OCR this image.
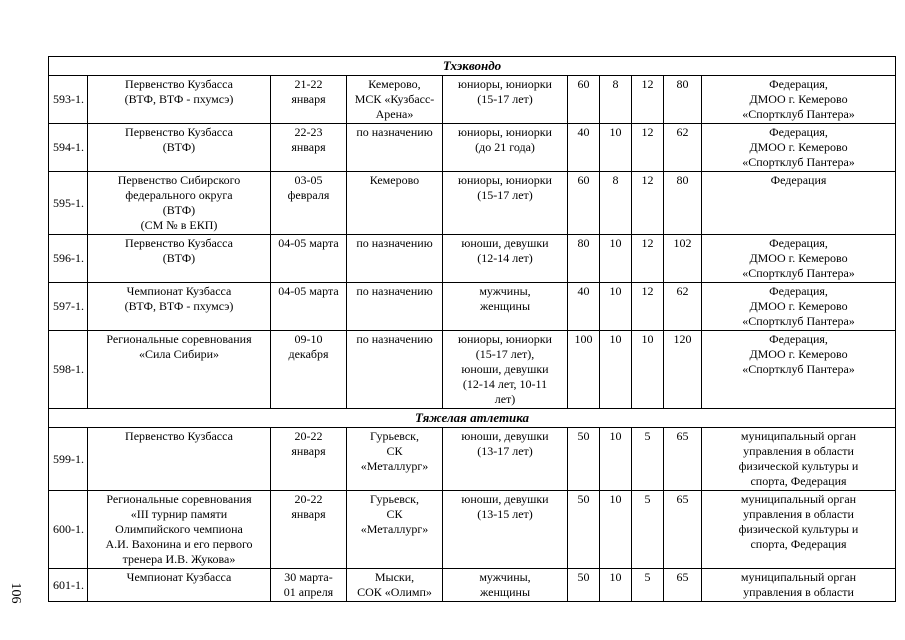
Тхэквондо									
593-1.	Первенство Кузбасса
(ВТФ, ВТФ - пхумсэ)	21-22
января	Кемерово,
МСК «Кузбасс-
Арена»	юниоры, юниорки
(15-17 лет)	60	8	12	80	Федерация,
ДМОО г. Кемерово
«Спортклуб Пантера»
594-1.	Первенство Кузбасса
(ВТФ)	22-23
января	по назначению	юниоры, юниорки
(до 21 года)	40	10	12	62	Федерация,
ДМОО г. Кемерово
«Спортклуб Пантера»
595-1.	Первенство Сибирского
федерального округа
(ВТФ)
(СМ № в ЕКП)	03-05
февраля	Кемерово	юниоры, юниорки
(15-17 лет)	60	8	12	80	Федерация
596-1.	Первенство Кузбасса
(ВТФ)	04-05 марта	по назначению	юноши, девушки
(12-14 лет)	80	10	12	102	Федерация,
ДМОО г. Кемерово
«Спортклуб Пантера»
597-1.	Чемпионат Кузбасса
(ВТФ, ВТФ - пхумсэ)	04-05 марта	по назначению	мужчины,
женщины	40	10	12	62	Федерация,
ДМОО г. Кемерово
«Спортклуб Пантера»
598-1.	Региональные соревнования
«Сила Сибири»	09-10
декабря	по назначению	юниоры, юниорки
(15-17 лет),
юноши, девушки
(12-14 лет, 10-11
лет)	100	10	10	120	Федерация,
ДМОО г. Кемерово
«Спортклуб Пантера»
Тяжелая атлетика									
599-1.	Первенство Кузбасса	20-22
января	Гурьевск,
СК
«Металлург»	юноши, девушки
(13-17 лет)	50	10	5	65	муниципальный орган
управления в области
физической культуры и
спорта, Федерация
600-1.	Региональные соревнования
«III турнир памяти
Олимпийского чемпиона
А.И. Вахонина и его первого
тренера И.В. Жукова»	20-22
января	Гурьевск,
СК
«Металлург»	юноши, девушки
(13-15 лет)	50	10	5	65	муниципальный орган
управления в области
физической культуры и
спорта, Федерация
601-1.	Чемпионат Кузбасса	30 марта-
01 апреля	Мыски,
СОК «Олимп»	мужчины,
женщины	50	10	5	65	муниципальный орган
управления в области
106
